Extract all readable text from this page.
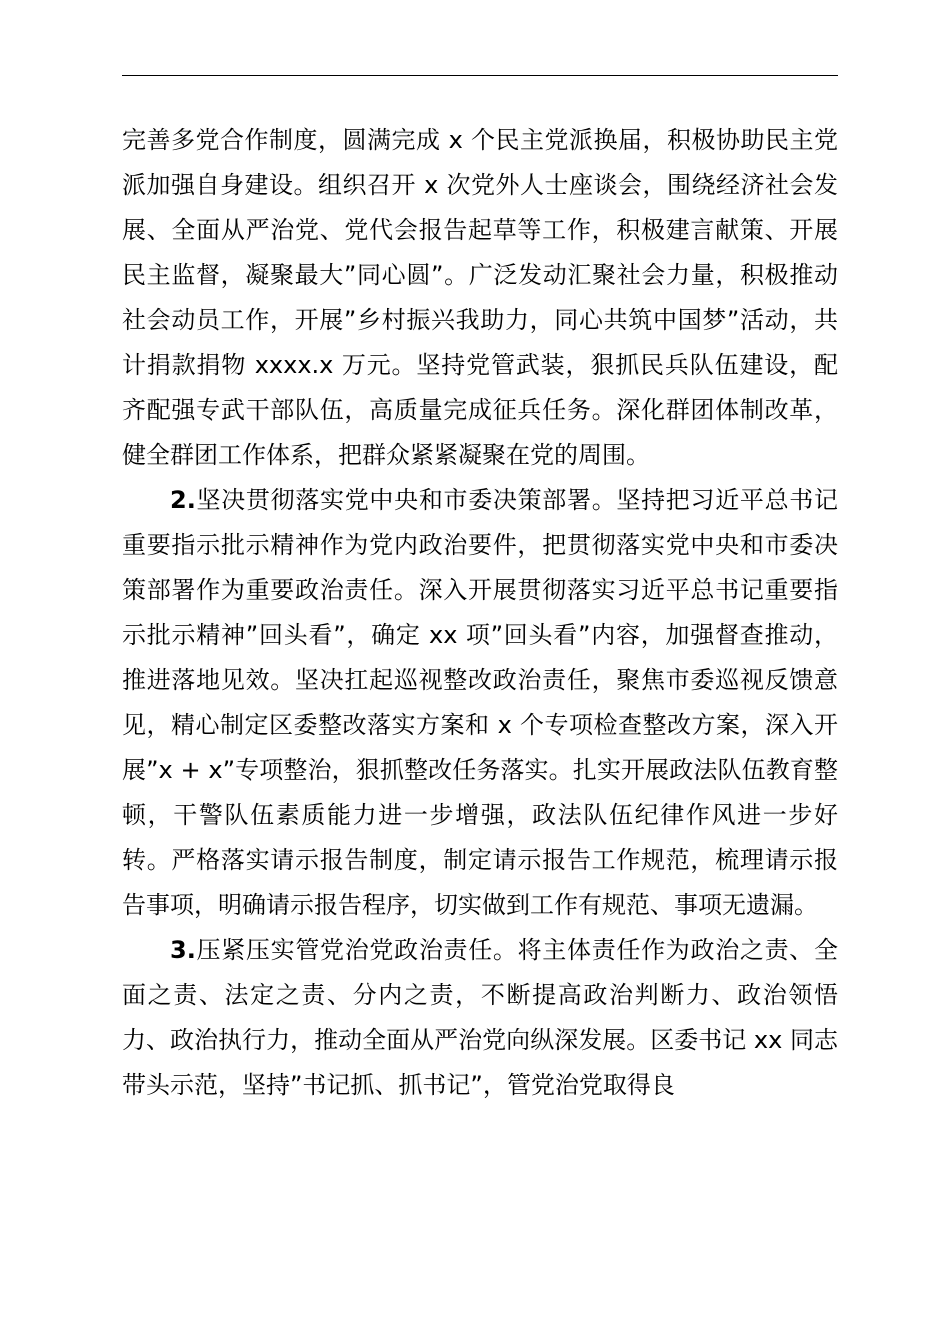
完善多党合作制度，圆满完成 x 个民主党派换届，积极协助民主党派加强自身建设。组织召开 x 次党外人士座谈会，围绕经济社会发展、全面从严治党、党代会报告起草等工作，积极建言献策、开展民主监督，凝聚最大”同心圆”。广泛发动汇聚社会力量，积极推动社会动员工作，开展”乡村振兴我助力，同心共筑中国梦”活动，共计捐款捐物 xxxx.x 万元。坚持党管武装，狠抓民兵队伍建设，配齐配强专武干部队伍，高质量完成征兵任务。深化群团体制改革，健全群团工作体系，把群众紧紧凝聚在党的周围。

2.坚决贯彻落实党中央和市委决策部署。坚持把习近平总书记重要指示批示精神作为党内政治要件，把贯彻落实党中央和市委决策部署作为重要政治责任。深入开展贯彻落实习近平总书记重要指示批示精神”回头看”，确定 xx 项”回头看”内容，加强督查推动，推进落地见效。坚决扛起巡视整改政治责任，聚焦市委巡视反馈意见，精心制定区委整改落实方案和 x 个专项检查整改方案，深入开展”x + x”专项整治，狠抓整改任务落实。扎实开展政法队伍教育整顿，干警队伍素质能力进一步增强，政法队伍纪律作风进一步好转。严格落实请示报告制度，制定请示报告工作规范，梳理请示报告事项，明确请示报告程序，切实做到工作有规范、事项无遗漏。

3.压紧压实管党治党政治责任。将主体责任作为政治之责、全面之责、法定之责、分内之责，不断提高政治判断力、政治领悟力、政治执行力，推动全面从严治党向纵深发展。区委书记 xx 同志带头示范，坚持”书记抓、抓书记”，管党治党取得良
